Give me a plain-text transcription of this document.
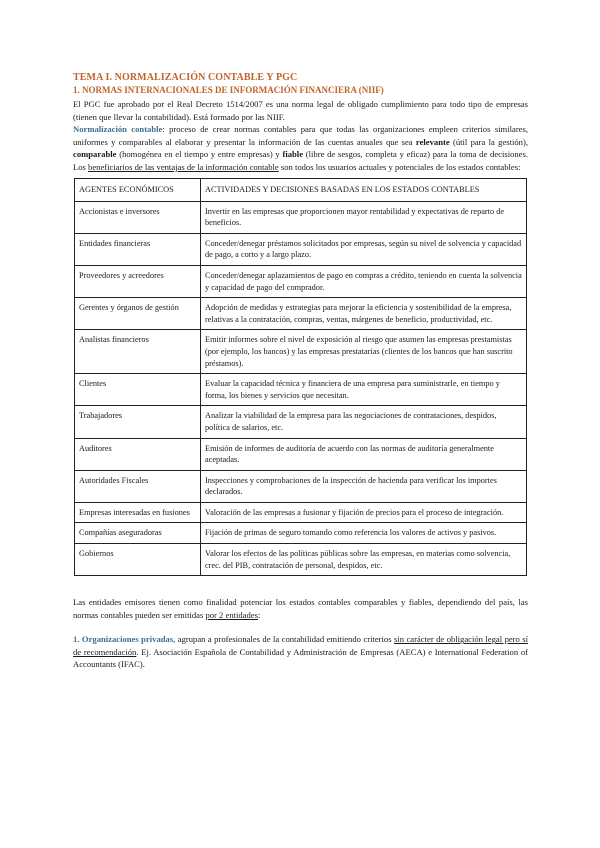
TEMA I. NORMALIZACIÓN CONTABLE Y PGC
1. NORMAS INTERNACIONALES DE INFORMACIÓN FINANCIERA (NIIF)

El PGC fue aprobado por el Real Decreto 1514/2007 es una norma legal de obligado cumplimiento para todo tipo de empresas (tienen que llevar la contabilidad). Está formado por las NIIF.

Normalización contable: proceso de crear normas contables para que todas las organizaciones empleen criterios similares, uniformes y comparables al elaborar y presentar la información de las cuentas anuales que sea relevante (útil para la gestión), comparable (homogénea en el tiempo y entre empresas) y fiable (libre de sesgos, completa y eficaz) para la toma de decisiones. Los beneficiarios de las ventajas de la información contable son todos los usuarios actuales y potenciales de los estados contables:

AGENTES ECONÓMICOS	ACTIVIDADES Y DECISIONES BASADAS EN LOS ESTADOS CONTABLES
Accionistas e inversores	Invertir en las empresas que proporcionen mayor rentabilidad y expectativas de reparto de beneficios.
Entidades financieras	Conceder/denegar préstamos solicitados por empresas, según su nivel de solvencia y capacidad de pago, a corto y a largo plazo.
Proveedores y acreedores	Conceder/denegar aplazamientos de pago en compras a crédito, teniendo en cuenta la solvencia y capacidad de pago del comprador.
Gerentes y órganos de gestión	Adopción de medidas y estrategias para mejorar la eficiencia y sostenibilidad de la empresa, relativas a la contratación, compras, ventas, márgenes de beneficio, productividad, etc.
Analistas financieros	Emitir informes sobre el nivel de exposición al riesgo que asumen las empresas prestamistas (por ejemplo, los bancos) y las empresas prestatarias (clientes de los bancos que han suscrito préstamos).
Clientes	Evaluar la capacidad técnica y financiera de una empresa para suministrarle, en tiempo y forma, los bienes y servicios que necesitan.
Trabajadores	Analizar la viabilidad de la empresa para las negociaciones de contrataciones, despidos, política de salarios, etc.
Auditores	Emisión de informes de auditoría de acuerdo con las normas de auditoría generalmente aceptadas.
Autoridades Fiscales	Inspecciones y comprobaciones de la inspección de hacienda para verificar los importes declarados.
Empresas interesadas en fusiones	Valoración de las empresas a fusionar y fijación de precios para el proceso de integración.
Compañías aseguradoras	Fijación de primas de seguro tomando como referencia los valores de activos y pasivos.
Gobiernos	Valorar los efectos de las políticas públicas sobre las empresas, en materias como solvencia, crec. del PIB, contratación de personal, despidos, etc.

Las entidades emisores tienen como finalidad potenciar los estados contables comparables y fiables, dependiendo del país, las normas contables pueden ser emitidas por 2 entidades:

1. Organizaciones privadas, agrupan a profesionales de la contabilidad emitiendo criterios sin carácter de obligación legal pero sí de recomendación. Ej. Asociación Española de Contabilidad y Administración de Empresas (AECA) e International Federation of Accountants (IFAC).
